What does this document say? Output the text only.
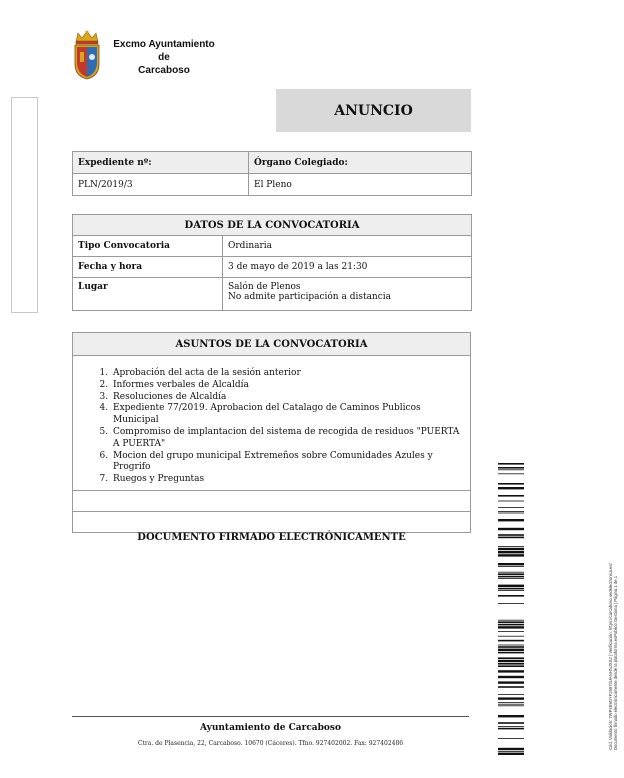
Excmo Ayuntamiento
de
Carcaboso
ANUNCIO
Expediente nº:	Órgano Colegiado:
PLN/2019/3	El Pleno
DATOS DE LA CONVOCATORIA	
Tipo Convocatoria	Ordinaria
Fecha y hora	3 de mayo de 2019 a las 21:30
Lugar	Salón de Plenos
No admite participación a distancia
ASUNTOS DE LA CONVOCATORIA

1. Aprobación del acta de la sesión anterior
2. Informes verbales de Alcaldía
3. Resoluciones de Alcaldía
4. Expediente 77/2019. Aprobacion del Catalago de Caminos Publicos Municipal
5. Compromiso de implantacion del sistema de recogida de residuos "PUERTA A PUERTA"
6. Mocion del grupo municipal Extremeños sobre Comunidades Azules y Progrifo
7. Ruegos y Preguntas

DOCUMENTO FIRMADO ELECTRÓNICAMENTE
Ayuntamiento de Carcaboso
Ctra. de Plasencia, 22, Carcaboso. 10670 (Cáceres). Tfno. 927402002. Fax: 927402486	Cód. Validación: 7WP4E9DYF25974UANHNJXS2 | Verificación: https://carcaboso.sedelectronica.es/ Documento firmado electrónicamente desde la plataforma esPublico Gestiona | Página 1 de 1
